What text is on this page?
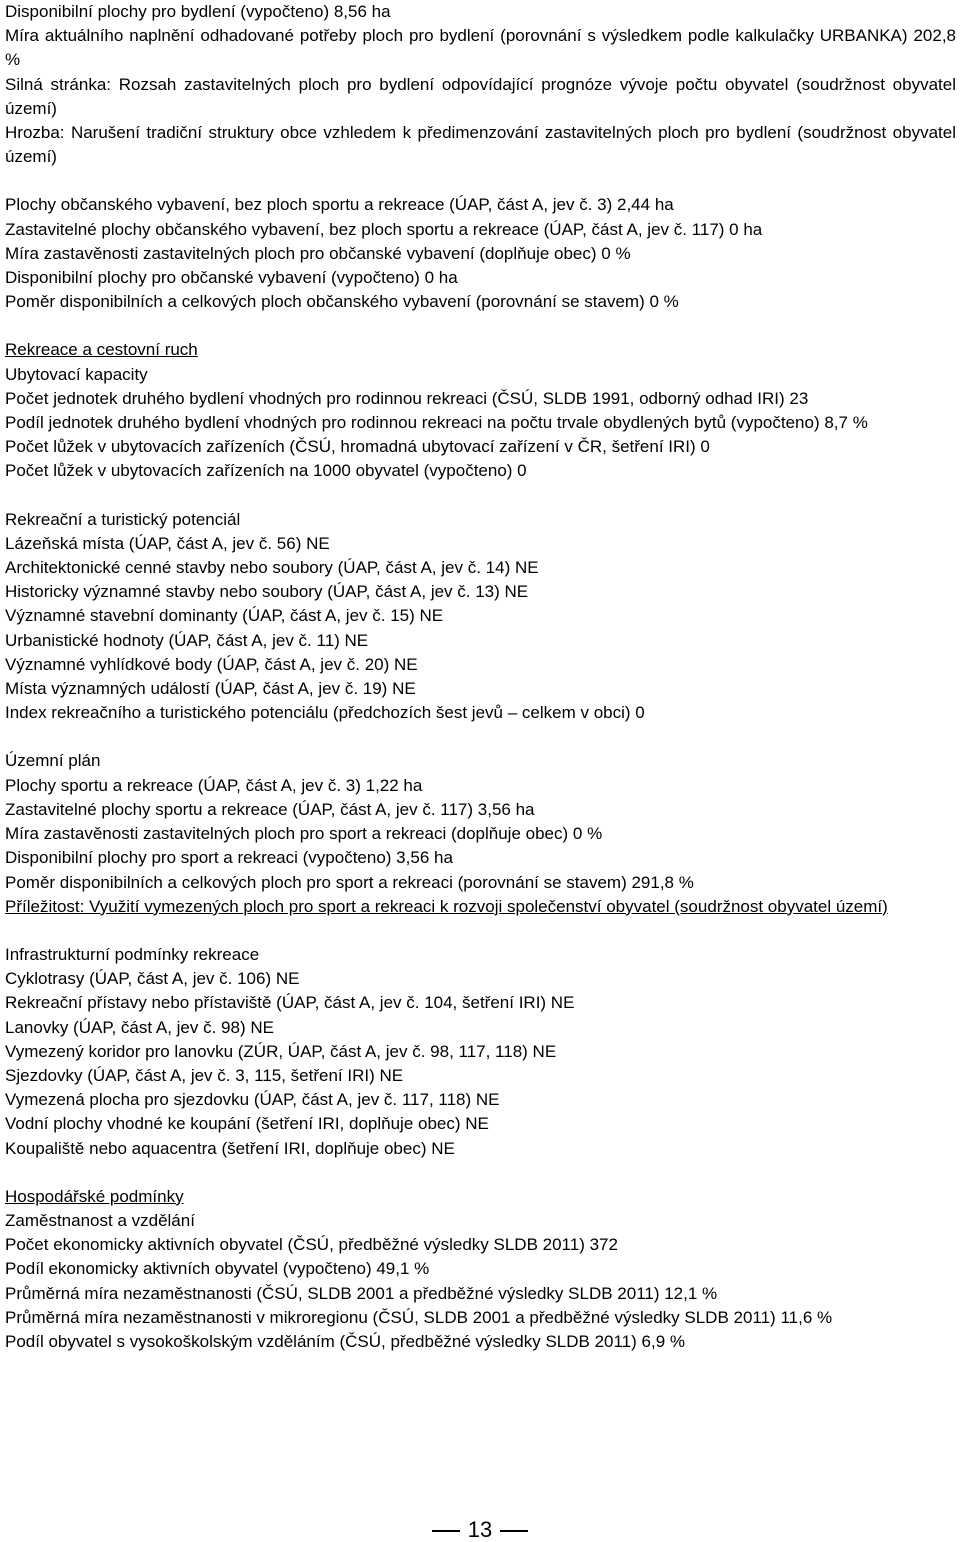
Disponibilní plochy pro bydlení (vypočteno) 8,56 ha
Míra aktuálního naplnění odhadované potřeby ploch pro bydlení (porovnání s výsledkem podle kalkulačky URBANKA) 202,8 %
Silná stránka: Rozsah zastavitelných ploch pro bydlení odpovídající prognóze vývoje počtu obyvatel (soudržnost obyvatel území)
Hrozba: Narušení tradiční struktury obce vzhledem k předimenzování zastavitelných ploch pro bydlení (soudržnost obyvatel území)
Plochy občanského vybavení, bez ploch sportu a rekreace (ÚAP, část A, jev č. 3) 2,44 ha
Zastavitelné plochy občanského vybavení, bez ploch sportu a rekreace (ÚAP, část A, jev č. 117) 0 ha
Míra zastavěnosti zastavitelných ploch pro občanské vybavení (doplňuje obec) 0 %
Disponibilní plochy pro občanské vybavení (vypočteno) 0 ha
Poměr disponibilních a celkových ploch občanského vybavení (porovnání se stavem) 0 %
Rekreace a cestovní ruch
Ubytovací kapacity
Počet jednotek druhého bydlení vhodných pro rodinnou rekreaci (ČSÚ, SLDB 1991, odborný odhad IRI) 23
Podíl jednotek druhého bydlení vhodných pro rodinnou rekreaci na počtu trvale obydlených bytů (vypočteno) 8,7 %
Počet lůžek v ubytovacích zařízeních (ČSÚ, hromadná ubytovací zařízení v ČR, šetření IRI) 0
Počet lůžek v ubytovacích zařízeních na 1000 obyvatel (vypočteno) 0
Rekreační a turistický potenciál
Lázeňská místa (ÚAP, část A, jev č. 56) NE
Architektonické cenné stavby nebo soubory (ÚAP, část A, jev č. 14) NE
Historicky významné stavby nebo soubory (ÚAP, část A, jev č. 13) NE
Významné stavební dominanty (ÚAP, část A, jev č. 15) NE
Urbanistické hodnoty (ÚAP, část A, jev č. 11) NE
Významné vyhlídkové body (ÚAP, část A, jev č. 20) NE
Místa významných událostí (ÚAP, část A, jev č. 19) NE
Index rekreačního a turistického potenciálu (předchozích šest jevů – celkem v obci) 0
Územní plán
Plochy sportu a rekreace (ÚAP, část A, jev č. 3) 1,22 ha
Zastavitelné plochy sportu a rekreace (ÚAP, část A, jev č. 117) 3,56 ha
Míra zastavěnosti zastavitelných ploch pro sport a rekreaci (doplňuje obec) 0 %
Disponibilní plochy pro sport a rekreaci (vypočteno) 3,56 ha
Poměr disponibilních a celkových ploch pro sport a rekreaci (porovnání se stavem) 291,8 %
Příležitost: Využití vymezených ploch pro sport a rekreaci k rozvoji společenství obyvatel (soudržnost obyvatel území)
Infrastrukturní podmínky rekreace
Cyklotrasy (ÚAP, část A, jev č. 106) NE
Rekreační přístavy nebo přístaviště (ÚAP, část A, jev č. 104, šetření IRI) NE
Lanovky (ÚAP, část A, jev č. 98) NE
Vymezený koridor pro lanovku (ZÚR, ÚAP, část A, jev č. 98, 117, 118) NE
Sjezdovky (ÚAP, část A, jev č. 3, 115, šetření IRI) NE
Vymezená plocha pro sjezdovku (ÚAP, část A, jev č. 117, 118) NE
Vodní plochy vhodné ke koupání (šetření IRI, doplňuje obec) NE
Koupaliště nebo aquacentra (šetření IRI, doplňuje obec) NE
Hospodářské podmínky
Zaměstnanost a vzdělání
Počet ekonomicky aktivních obyvatel (ČSÚ, předběžné výsledky SLDB 2011) 372
Podíl ekonomicky aktivních obyvatel (vypočteno) 49,1 %
Průměrná míra nezaměstnanosti (ČSÚ, SLDB 2001 a předběžné výsledky SLDB 2011) 12,1 %
Průměrná míra nezaměstnanosti v mikroregionu (ČSÚ, SLDB 2001 a předběžné výsledky SLDB 2011) 11,6 %
Podíl obyvatel s vysokoškolským vzděláním (ČSÚ, předběžné výsledky SLDB 2011) 6,9 %
13
